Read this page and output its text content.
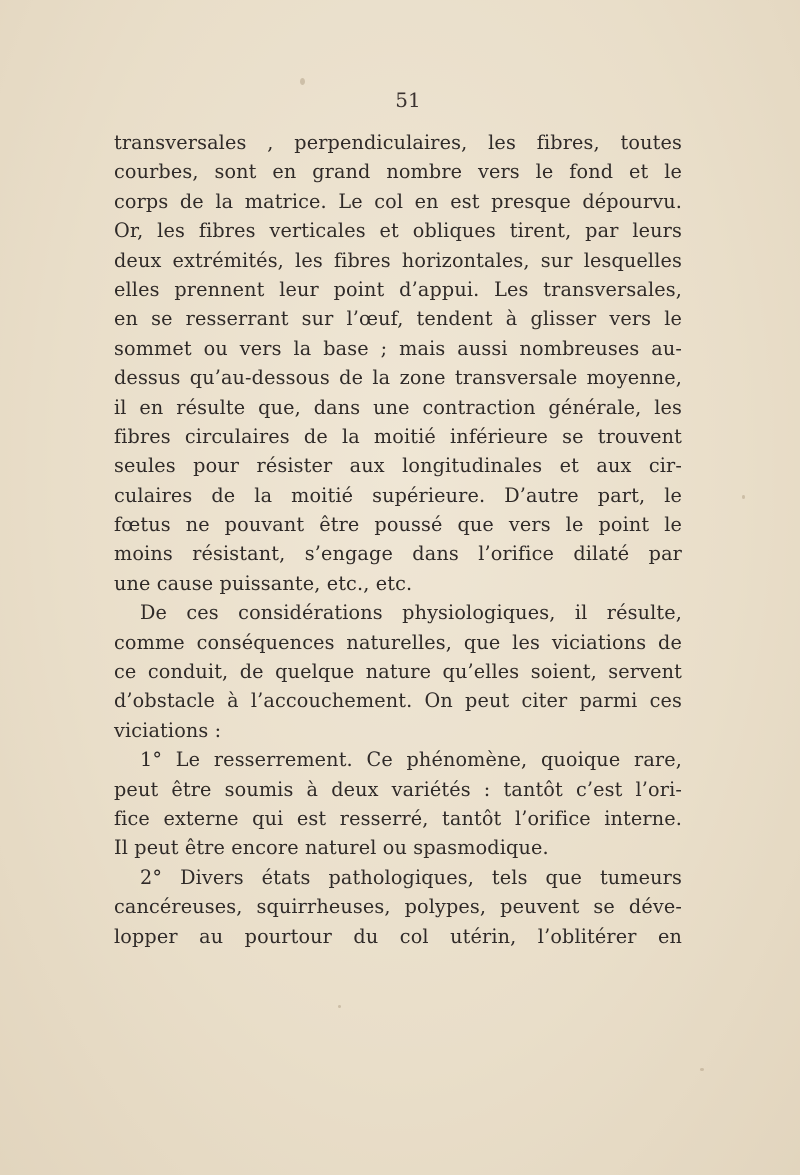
51
transversales , perpendiculaires, les fibres, toutes
courbes, sont en grand nombre vers le fond et le
corps de la matrice. Le col en est presque dépourvu.
Or, les fibres verticales et obliques tirent, par leurs
deux extrémités, les fibres horizontales, sur lesquelles
elles prennent leur point d’appui. Les transversales,
en se resserrant sur l’œuf, tendent à glisser vers le
sommet ou vers la base ; mais aussi nombreuses au-
dessus qu’au-dessous de la zone transversale moyenne,
il en résulte que, dans une contraction générale, les
fibres circulaires de la moitié inférieure se trouvent
seules pour résister aux longitudinales et aux cir-
culaires de la moitié supérieure. D’autre part, le
fœtus ne pouvant être poussé que vers le point le
moins résistant, s’engage dans l’orifice dilaté par
une cause puissante, etc., etc.
De ces considérations physiologiques, il résulte,
comme conséquences naturelles, que les viciations de
ce conduit, de quelque nature qu’elles soient, servent
d’obstacle à l’accouchement. On peut citer parmi ces
viciations :
1° Le resserrement. Ce phénomène, quoique rare,
peut être soumis à deux variétés : tantôt c’est l’ori-
fice externe qui est resserré, tantôt l’orifice interne.
Il peut être encore naturel ou spasmodique.
2° Divers états pathologiques, tels que tumeurs
cancéreuses, squirrheuses, polypes, peuvent se déve-
lopper au pourtour du col utérin, l’oblitérer en
